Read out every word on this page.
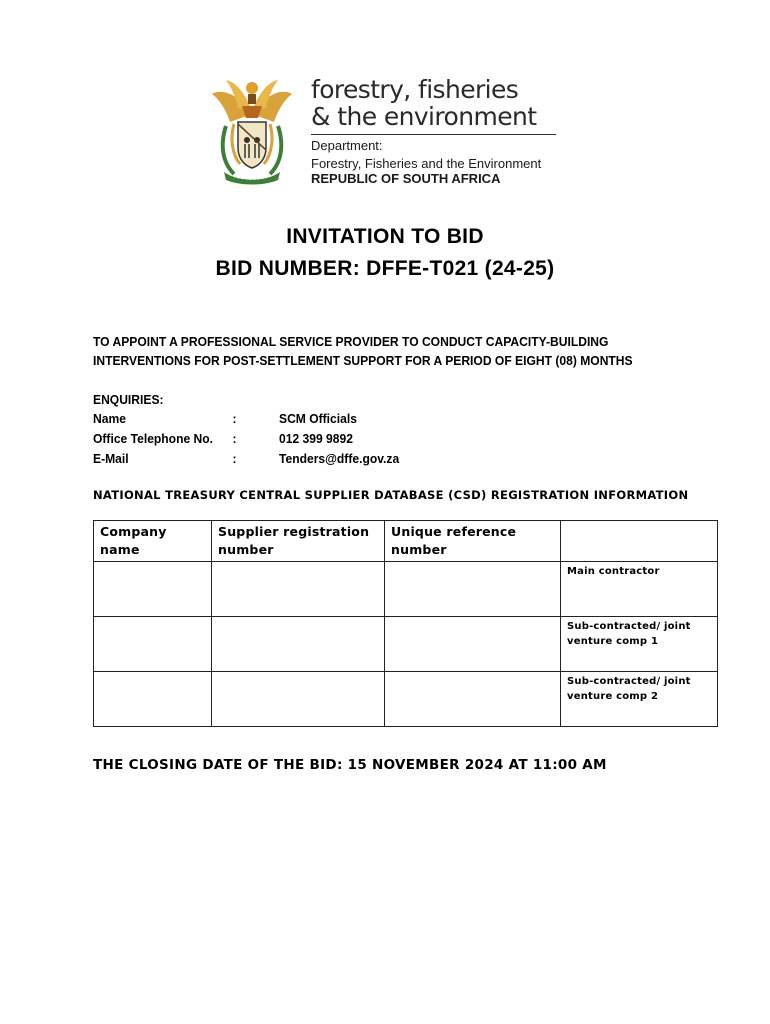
forestry, fisheries
& the environment
Department:
Forestry, Fisheries and the Environment
REPUBLIC OF SOUTH AFRICA
INVITATION TO BID
BID NUMBER: DFFE-T021 (24-25)
TO APPOINT A PROFESSIONAL SERVICE PROVIDER TO CONDUCT CAPACITY-BUILDING
INTERVENTIONS FOR POST-SETTLEMENT SUPPORT FOR A PERIOD OF EIGHT (08) MONTHS
ENQUIRIES:
Name	:	SCM Officials
Office Telephone No. :	012 399 9892
E-Mail	:	Tenders@dffe.gov.za
NATIONAL TREASURY CENTRAL SUPPLIER DATABASE (CSD) REGISTRATION INFORMATION
Company name	Supplier registration number	Unique reference number	
			Main contractor
			Sub-contracted/ joint venture comp 1
			Sub-contracted/ joint venture comp 2
THE CLOSING DATE OF THE BID: 15 NOVEMBER 2024 AT 11:00 AM
